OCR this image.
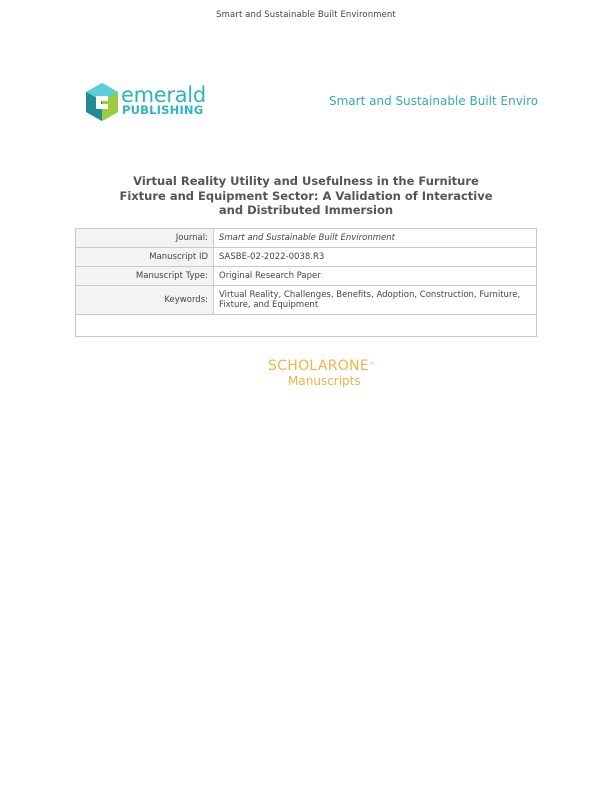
Smart and Sustainable Built Environment
emerald
PUBLISHING
Smart and Sustainable Built Enviro
Virtual Reality Utility and Usefulness in the Furniture
Fixture and Equipment Sector: A Validation of Interactive
and Distributed Immersion
Journal:	Smart and Sustainable Built Environment
Manuscript ID	SASBE-02-2022-0038.R3
Manuscript Type:	Original Research Paper
Keywords:	Virtual Reality, Challenges, Benefits, Adoption, Construction, Furniture, Fixture, and Equipment

SCHOLARONE™
Manuscripts
